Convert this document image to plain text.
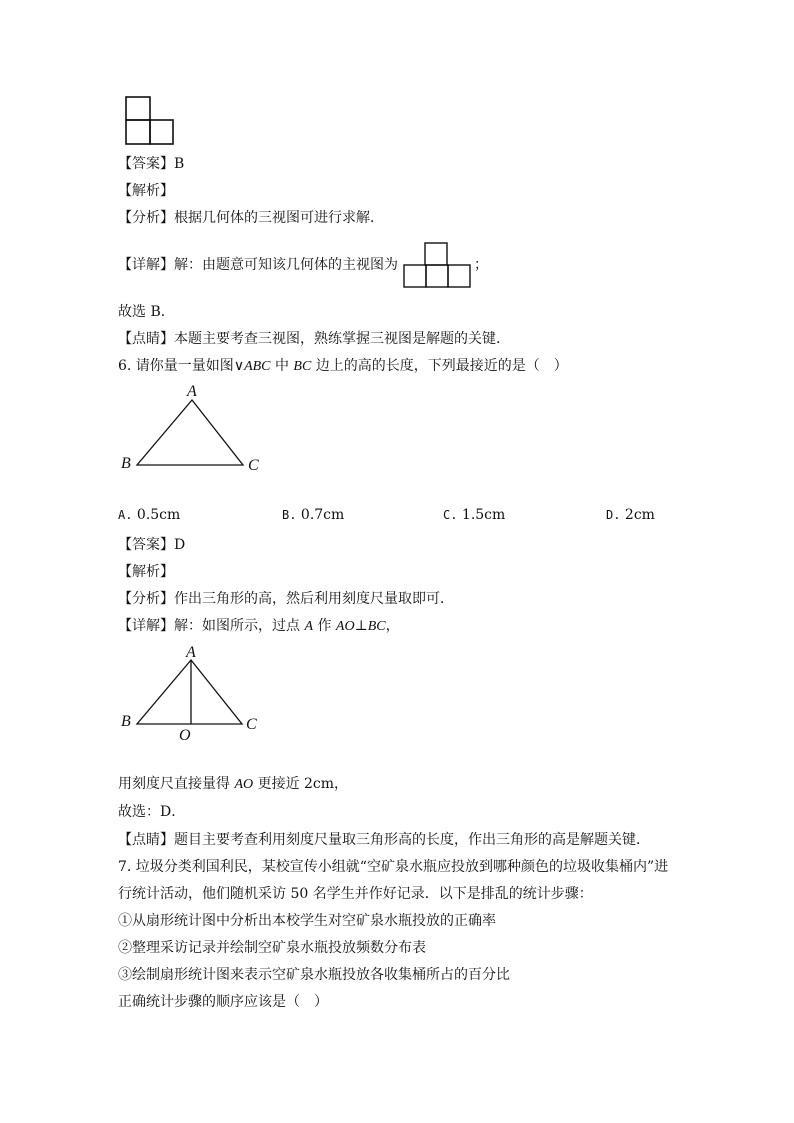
【答案】B
【解析】
【分析】根据几何体的三视图可进行求解．
【详解】解：由题意可知该几何体的主视图为	；
故选 B．
【点睛】本题主要考查三视图，熟练掌握三视图是解题的关键．
6. 请你量一量如图∨ABC 中 BC 边上的高的长度，下列最接近的是（　）
A
B	C
A. 0.5cm	B. 0.7cm	C. 1.5cm	D. 2cm
【答案】D
【解析】
【分析】作出三角形的高，然后利用刻度尺量取即可．
【详解】解：如图所示，过点 A 作 AO⊥BC，
A
B	C
O
用刻度尺直接量得 AO 更接近 2cm，
故选：D．
【点睛】题目主要考查利用刻度尺量取三角形高的长度，作出三角形的高是解题关键．
7. 垃圾分类利国利民，某校宣传小组就“空矿泉水瓶应投放到哪种颜色的垃圾收集桶内”进
行统计活动，他们随机采访 50 名学生并作好记录．以下是排乱的统计步骤：
①从扇形统计图中分析出本校学生对空矿泉水瓶投放的正确率
②整理采访记录并绘制空矿泉水瓶投放频数分布表
③绘制扇形统计图来表示空矿泉水瓶投放各收集桶所占的百分比
正确统计步骤的顺序应该是（　）
